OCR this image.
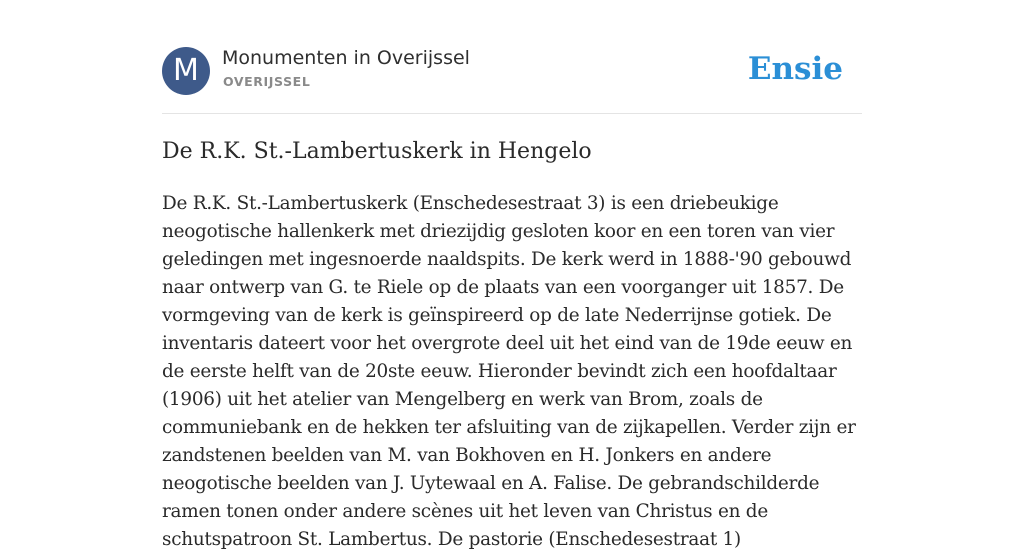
M	Monumenten in Overijssel
OVERIJSSEL	Ensie
De R.K. St.-Lambertuskerk in Hengelo

De R.K. St.-Lambertuskerk (Enschedesestraat 3) is een driebeukige neogotische hallenkerk met driezijdig gesloten koor en een toren van vier geledingen met ingesnoerde naaldspits. De kerk werd in 1888-'90 gebouwd naar ontwerp van G. te Riele op de plaats van een voorganger uit 1857. De vormgeving van de kerk is geïnspireerd op de late Nederrijnse gotiek. De inventaris dateert voor het overgrote deel uit het eind van de 19de eeuw en de eerste helft van de 20ste eeuw. Hieronder bevindt zich een hoofdaltaar (1906) uit het atelier van Mengelberg en werk van Brom, zoals de communiebank en de hekken ter afsluiting van de zijkapellen. Verder zijn er zandstenen beelden van M. van Bokhoven en H. Jonkers en andere neogotische beelden van J. Uytewaal en A. Falise. De gebrandschilderde ramen tonen onder andere scènes uit het leven van Christus en de schutspatroon St. Lambertus. De pastorie (Enschedesestraat 1)
